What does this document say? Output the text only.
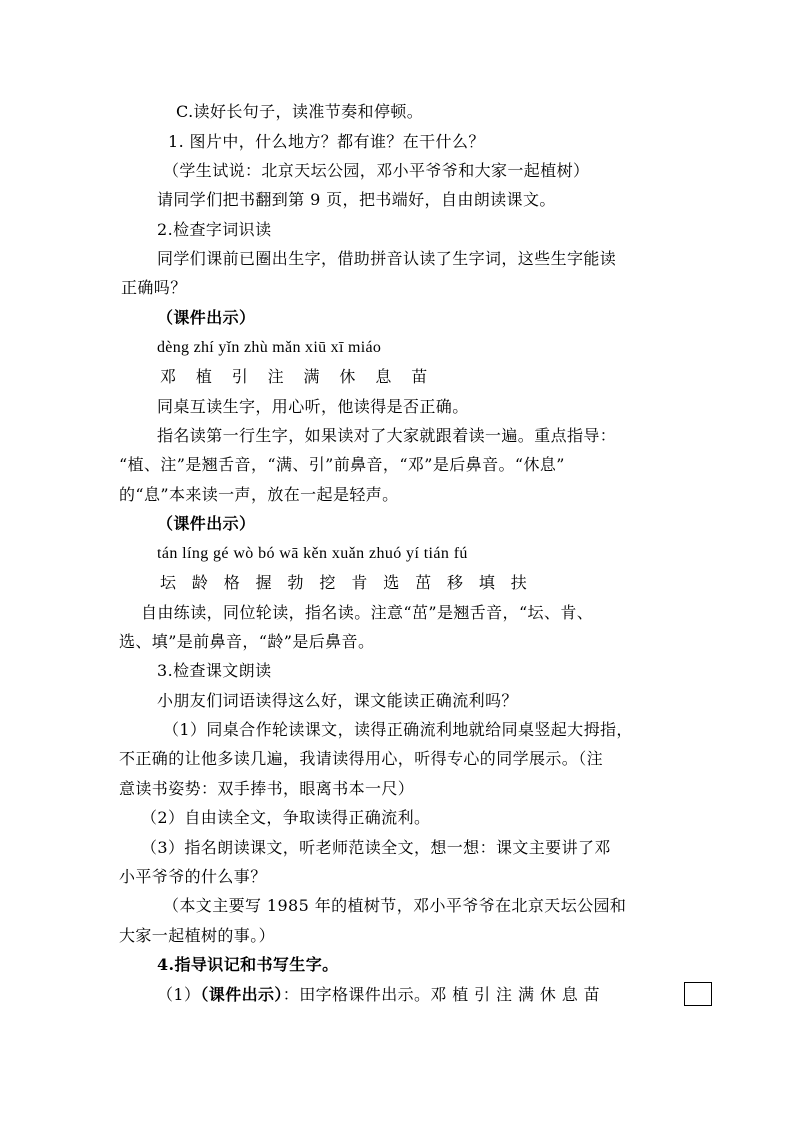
C.读好长句子，读准节奏和停顿。
1. 图片中，什么地方？都有谁？在干什么？
（学生试说：北京天坛公园，邓小平爷爷和大家一起植树）
请同学们把书翻到第 9 页，把书端好，自由朗读课文。
2.检查字词识读
同学们课前已圈出生字，借助拼音认读了生字词，这些生字能读
正确吗？
（课件出示）
dèng zhí yǐn zhù mǎn xiū xī miáo
邓 植 引 注 满 休 息 苗
同桌互读生字，用心听，他读得是否正确。
指名读第一行生字，如果读对了大家就跟着读一遍。重点指导：
“植、注”是翘舌音，“满、引”前鼻音，“邓”是后鼻音。“休息”
的“息”本来读一声，放在一起是轻声。
（课件出示）
tán líng gé wò bó wā kěn xuǎn zhuó yí tián fú
坛 龄 格 握 勃 挖 肯 选 茁 移 填 扶
自由练读，同位轮读，指名读。注意“茁”是翘舌音，“坛、肯、
选、填”是前鼻音，“龄”是后鼻音。
3.检查课文朗读
小朋友们词语读得这么好，课文能读正确流利吗？
（1）同桌合作轮读课文，读得正确流利地就给同桌竖起大拇指，
不正确的让他多读几遍，我请读得用心，听得专心的同学展示。（注
意读书姿势：双手捧书，眼离书本一尺）
（2）自由读全文，争取读得正确流利。
（3）指名朗读课文，听老师范读全文，想一想：课文主要讲了邓
小平爷爷的什么事？
（本文主要写 1985 年的植树节，邓小平爷爷在北京天坛公园和
大家一起植树的事。）
4.指导识记和书写生字。
（1）（课件出示）：田字格课件出示。邓 植 引 注 满 休 息 苗
